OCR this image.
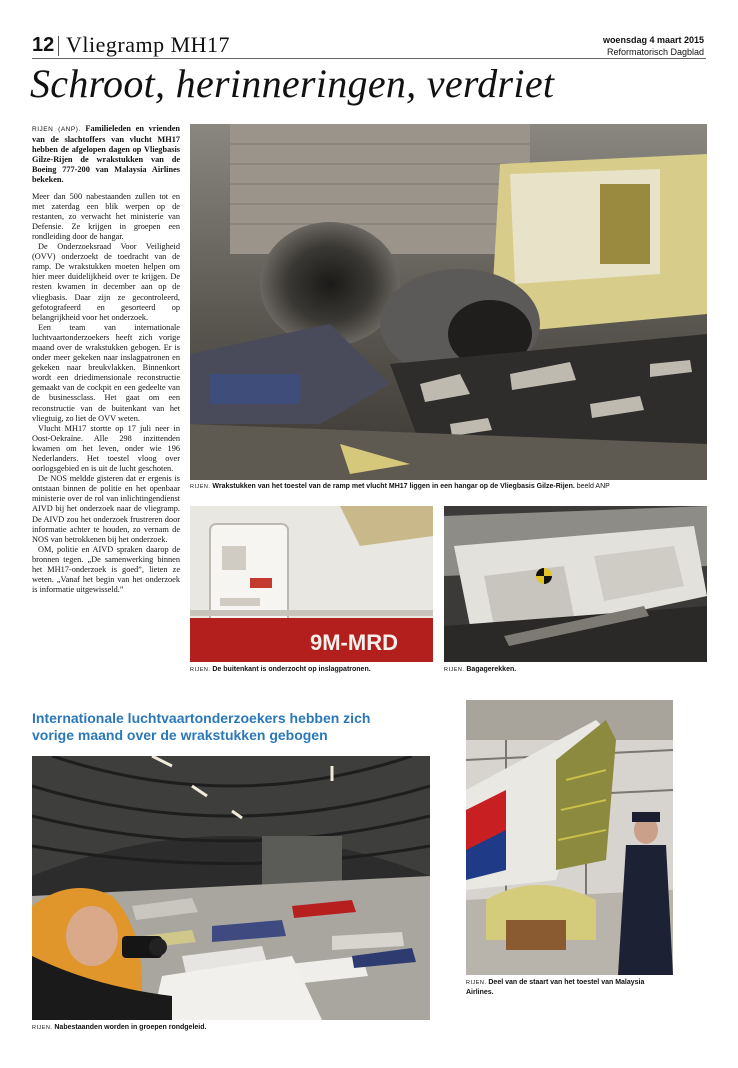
12 Vliegramp MH17	woensdag 4 maart 2015
Reformatorisch Dagblad
Schroot, herinneringen, verdriet

RIJEN (ANP). Familieleden en vrienden van de slachtoffers van vlucht MH17 hebben de afgelopen dagen op Vliegbasis Gilze-Rijen de wrakstukken van de Boeing 777-200 van Malaysia Airlines bekeken.

Meer dan 500 nabestaanden zullen tot en met zaterdag een blik werpen op de restanten, zo verwacht het ministerie van Defensie. Ze krijgen in groepen een rondleiding door de hangar.

De Onderzoeksraad Voor Veiligheid (OVV) onderzoekt de toedracht van de ramp. De wrakstukken moeten helpen om hier meer duidelijkheid over te krijgen. De resten kwamen in december aan op de vliegbasis. Daar zijn ze gecontroleerd, gefotografeerd en gesorteerd op belangrijkheid voor het onderzoek.

Een team van internationale luchtvaartonderzoekers heeft zich vorige maand over de wrakstukken gebogen. Er is onder meer gekeken naar inslagpatronen en gekeken naar breukvlakken. Binnenkort wordt een driedimensionale reconstructie gemaakt van de cockpit en een gedeelte van de businessclass. Het gaat om een reconstructie van de buitenkant van het vliegtuig, zo liet de OVV weten.

Vlucht MH17 stortte op 17 juli neer in Oost-Oekraïne. Alle 298 inzittenden kwamen om het leven, onder wie 196 Nederlanders. Het toestel vloog over oorlogsgebied en is uit de lucht geschoten.

De NOS meldde gisteren dat er ergenis is ontstaan binnen de politie en het openbaar ministerie over de rol van inlichtingendienst AIVD bij het onderzoek naar de vliegramp. De AIVD zou het onderzoek frustreren door informatie achter te houden, zo vernam de NOS van betrokkenen bij het onderzoek.

OM, politie en AIVD spraken daarop de bronnen tegen. „De samenwerking binnen het MH17-onderzoek is goed”, lieten ze weten. „Vanaf het begin van het onderzoek is informatie uitgewisseld.”

RIJEN. Wrakstukken van het toestel van de ramp met vlucht MH17 liggen in een hangar op de Vliegbasis Gilze-Rijen. beeld ANP
9M-MRD
RIJEN. De buitenkant is onderzocht op inslagpatronen.	RIJEN. Bagagerekken.
Internationale luchtvaartonderzoekers hebben zich vorige maand over de wrakstukken gebogen
RIJEN. Nabestaanden worden in groepen rondgeleid.
RIJEN. Deel van de staart van het toestel van Malaysia Airlines.
